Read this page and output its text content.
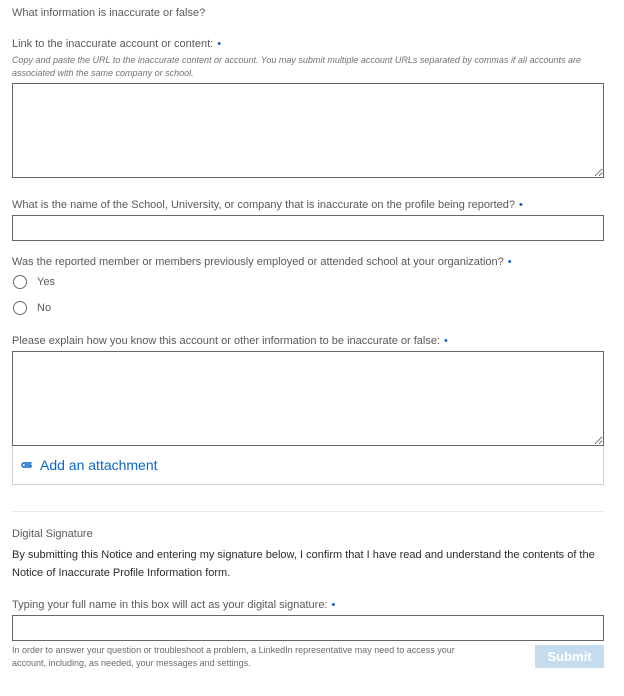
What information is inaccurate or false?
Link to the inaccurate account or content: •
Copy and paste the URL to the inaccurate content or account. You may submit multiple account URLs separated by commas if all accounts are associated with the same company or school.
What is the name of the School, University, or company that is inaccurate on the profile being reported? •
Was the reported member or members previously employed or attended school at your organization? •
Yes
No
Please explain how you know this account or other information to be inaccurate or false: •
Add an attachment
Digital Signature
By submitting this Notice and entering my signature below, I confirm that I have read and understand the contents of the Notice of Inaccurate Profile Information form.
Typing your full name in this box will act as your digital signature: •
In order to answer your question or troubleshoot a problem, a LinkedIn representative may need to access your account, including, as needed, your messages and settings.	Submit
